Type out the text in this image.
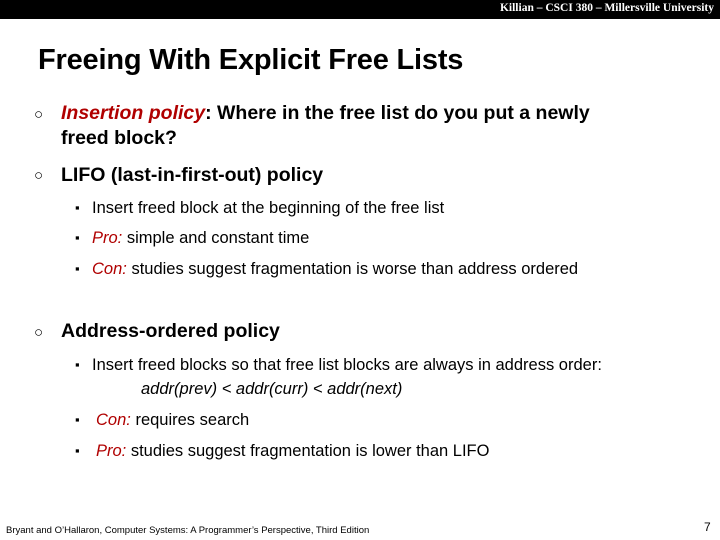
Killian – CSCI 380 – Millersville University
Freeing With Explicit Free Lists
○ Insertion policy: Where in the free list do you put a newly
freed block?
○ LIFO (last-in-first-out) policy
▪ Insert freed block at the beginning of the free list
▪ Pro: simple and constant time
▪ Con: studies suggest fragmentation is worse than address ordered
○ Address-ordered policy
▪ Insert freed blocks so that free list blocks are always in address order:
addr(prev) < addr(curr) < addr(next)
▪ Con: requires search
▪ Pro: studies suggest fragmentation is lower than LIFO
Bryant and O’Hallaron, Computer Systems: A Programmer’s Perspective, Third Edition	7
